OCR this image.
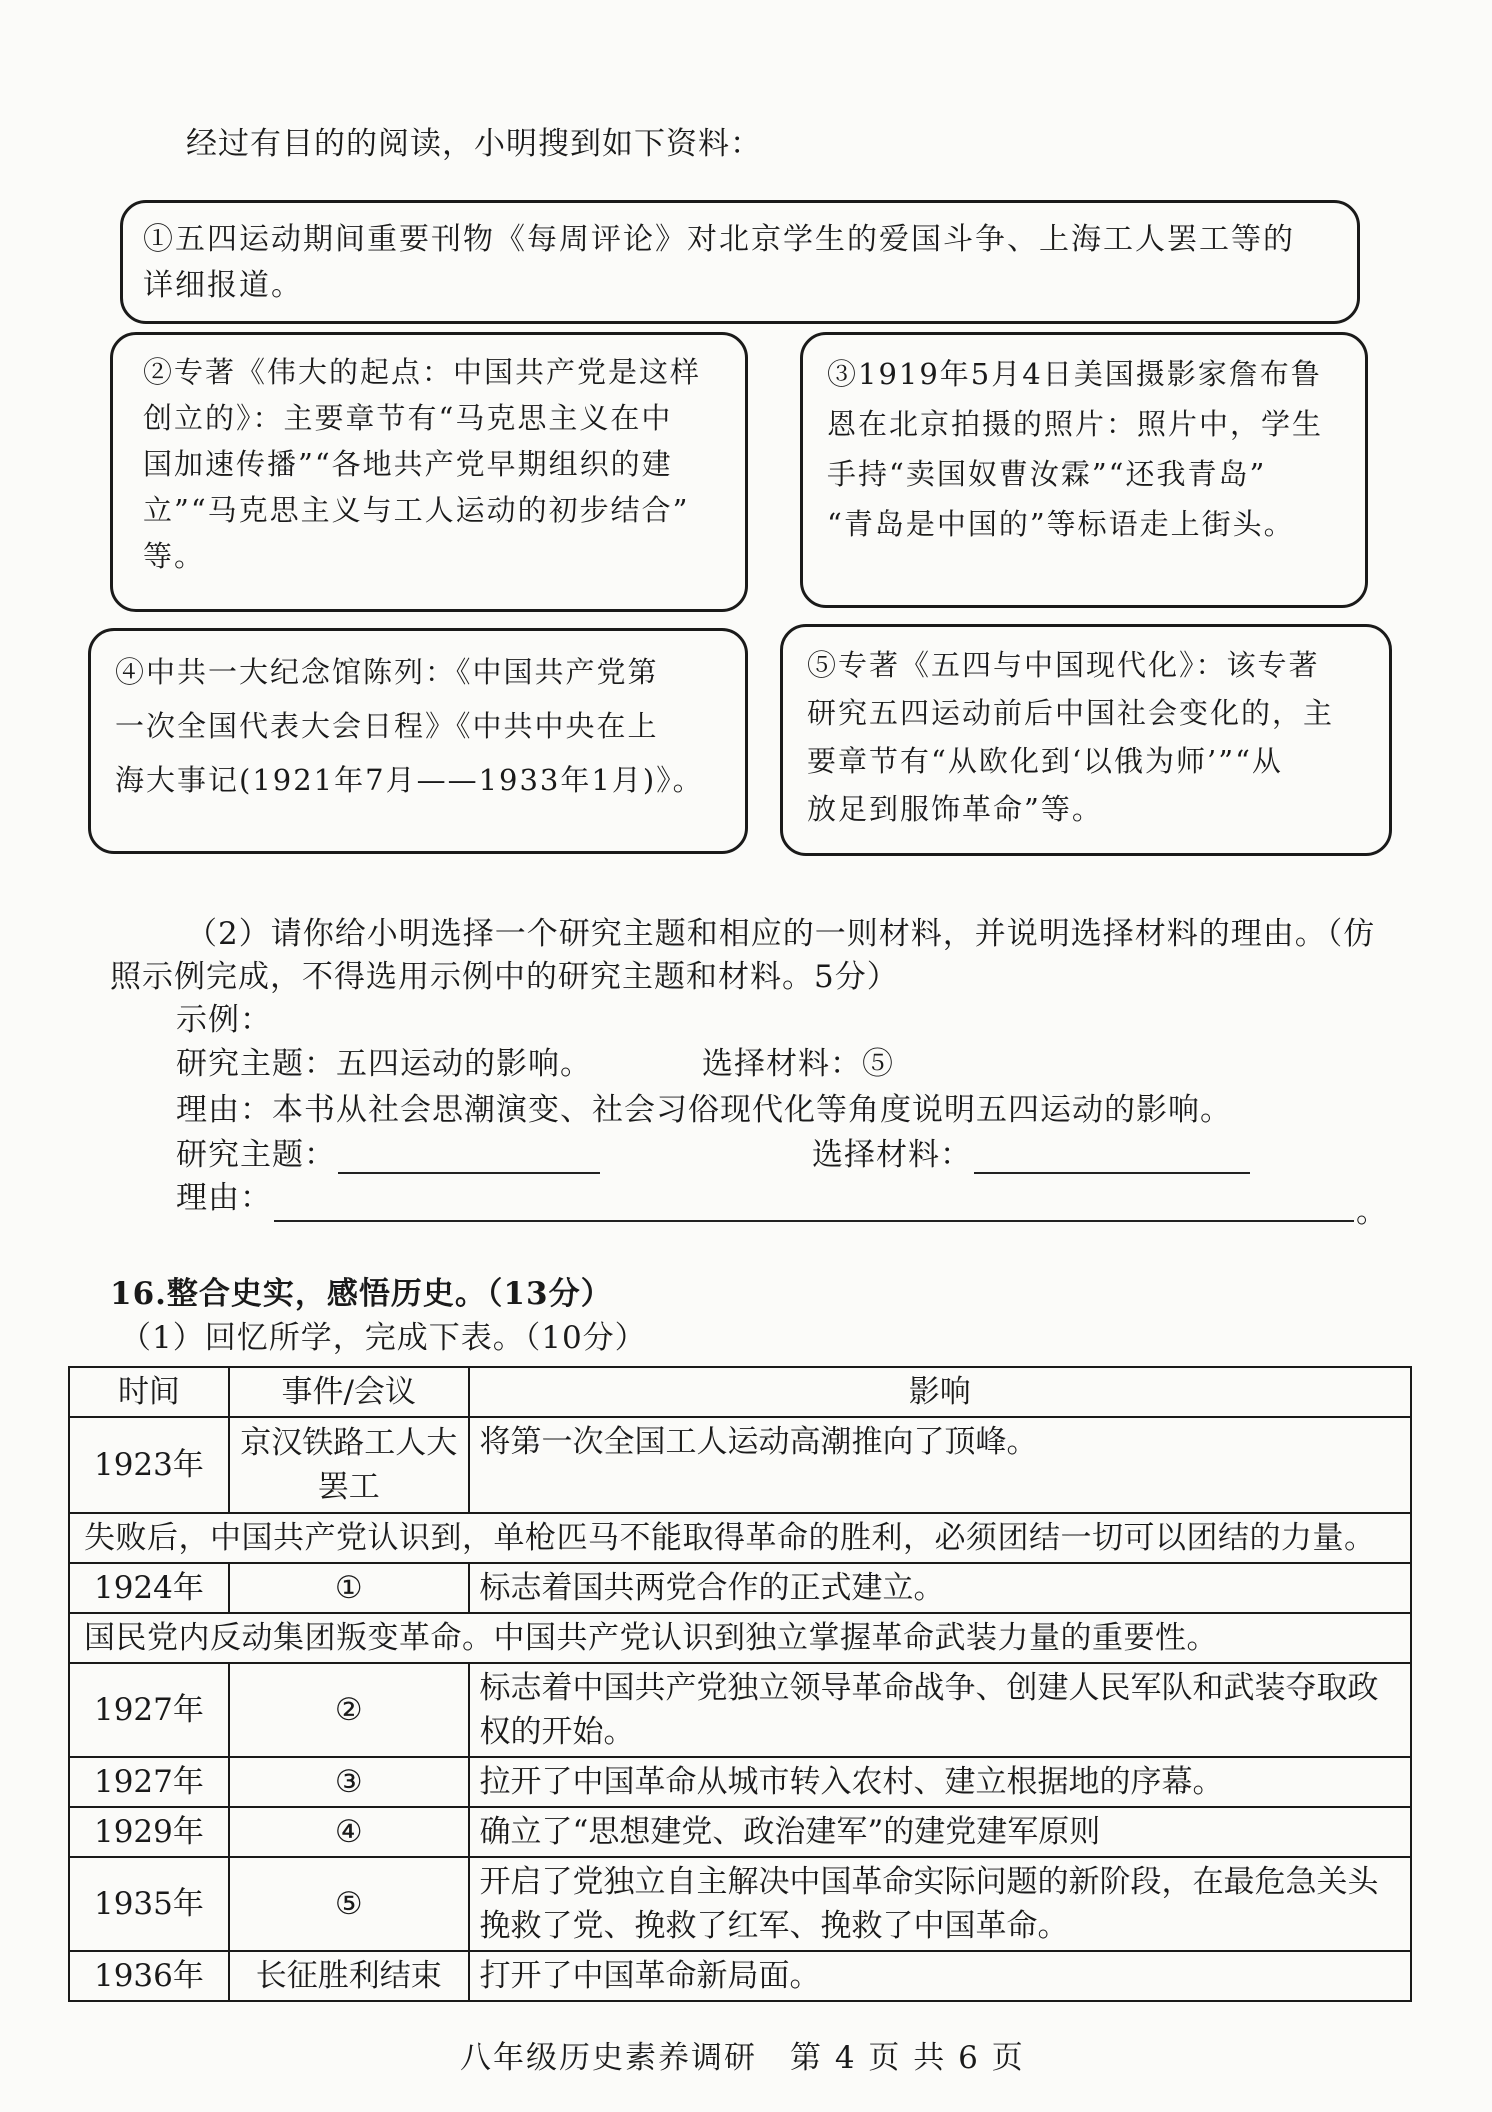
经过有目的的阅读，小明搜到如下资料：
①五四运动期间重要刊物《每周评论》对北京学生的爱国斗争、上海工人罢工等的
详细报道。
②专著《伟大的起点：中国共产党是这样
创立的》：主要章节有“马克思主义在中
国加速传播”“各地共产党早期组织的建
立”“马克思主义与工人运动的初步结合”
等。
③1919年5月4日美国摄影家詹布鲁
恩在北京拍摄的照片：照片中，学生
手持“卖国奴曹汝霖”“还我青岛”
“青岛是中国的”等标语走上街头。
④中共一大纪念馆陈列：《中国共产党第
一次全国代表大会日程》《中共中央在上
海大事记(1921年7月——1933年1月)》。
⑤专著《五四与中国现代化》：该专著
研究五四运动前后中国社会变化的，主
要章节有“从欧化到‘以俄为师’”“从
放足到服饰革命”等。
（2）请你给小明选择一个研究主题和相应的一则材料，并说明选择材料的理由。（仿
照示例完成，不得选用示例中的研究主题和材料。5分）
示例：
研究主题：五四运动的影响。	选择材料：⑤
理由：本书从社会思潮演变、社会习俗现代化等角度说明五四运动的影响。
研究主题：	选择材料：
理由：	。
16.整合史实，感悟历史。（13分）
（1）回忆所学，完成下表。（10分）
时间	事件/会议	影响
1923年	京汉铁路工人大罢工	将第一次全国工人运动高潮推向了顶峰。
失败后，中国共产党认识到，单枪匹马不能取得革命的胜利，必须团结一切可以团结的力量。		
1924年	①	标志着国共两党合作的正式建立。
国民党内反动集团叛变革命。中国共产党认识到独立掌握革命武装力量的重要性。		
1927年	②	标志着中国共产党独立领导革命战争、创建人民军队和武装夺取政权的开始。
1927年	③	拉开了中国革命从城市转入农村、建立根据地的序幕。
1929年	④	确立了“思想建党、政治建军”的建党建军原则
1935年	⑤	开启了党独立自主解决中国革命实际问题的新阶段，在最危急关头挽救了党、挽救了红军、挽救了中国革命。
1936年	长征胜利结束	打开了中国革命新局面。
八年级历史素养调研　第 4 页 共 6 页
